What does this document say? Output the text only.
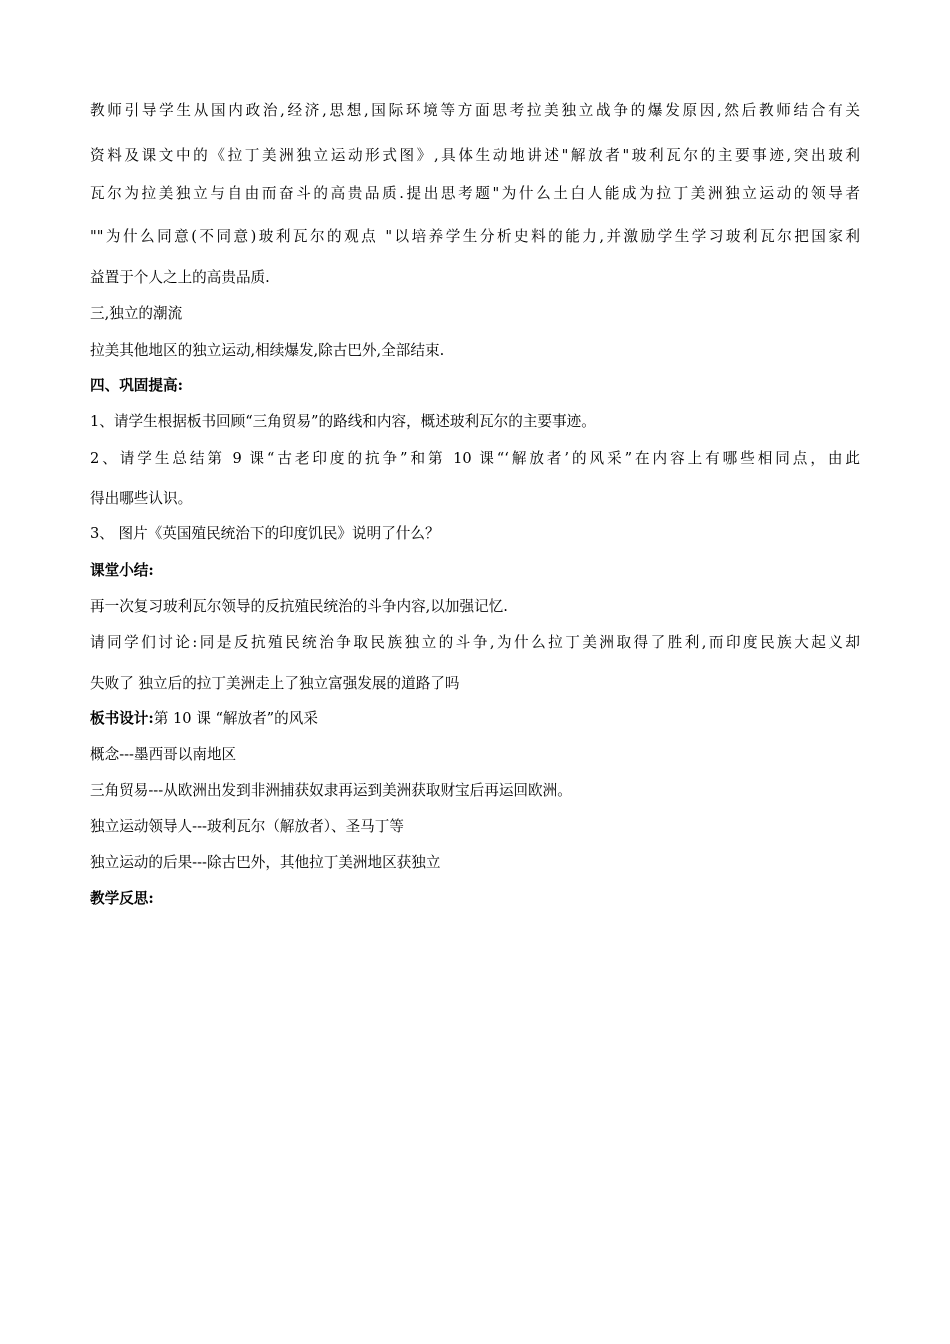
教师引导学生从国内政治,经济,思想,国际环境等方面思考拉美独立战争的爆发原因,然后教师结合有关
资料及课文中的《拉丁美洲独立运动形式图》,具体生动地讲述"解放者"玻利瓦尔的主要事迹,突出玻利
瓦尔为拉美独立与自由而奋斗的高贵品质.提出思考题"为什么土白人能成为拉丁美洲独立运动的领导者
""为什么同意(不同意)玻利瓦尔的观点 "以培养学生分析史料的能力,并激励学生学习玻利瓦尔把国家利
益置于个人之上的高贵品质.
三,独立的潮流
拉美其他地区的独立运动,相续爆发,除古巴外,全部结束.
四、巩固提高:
1、请学生根据板书回顾“三角贸易”的路线和内容，概述玻利瓦尔的主要事迹。
2、请学生总结第 9 课“古老印度的抗争”和第 10 课“‘解放者’的风采”在内容上有哪些相同点，由此
得出哪些认识。
3、 图片《英国殖民统治下的印度饥民》说明了什么？
课堂小结:
再一次复习玻利瓦尔领导的反抗殖民统治的斗争内容,以加强记忆.
请同学们讨论:同是反抗殖民统治争取民族独立的斗争,为什么拉丁美洲取得了胜利,而印度民族大起义却
失败了 独立后的拉丁美洲走上了独立富强发展的道路了吗
板书设计:第 10 课 “解放者”的风采
概念---墨西哥以南地区
三角贸易---从欧洲出发到非洲捕获奴隶再运到美洲获取财宝后再运回欧洲。
独立运动领导人---玻利瓦尔（解放者）、圣马丁等
独立运动的后果---除古巴外，其他拉丁美洲地区获独立
教学反思:
